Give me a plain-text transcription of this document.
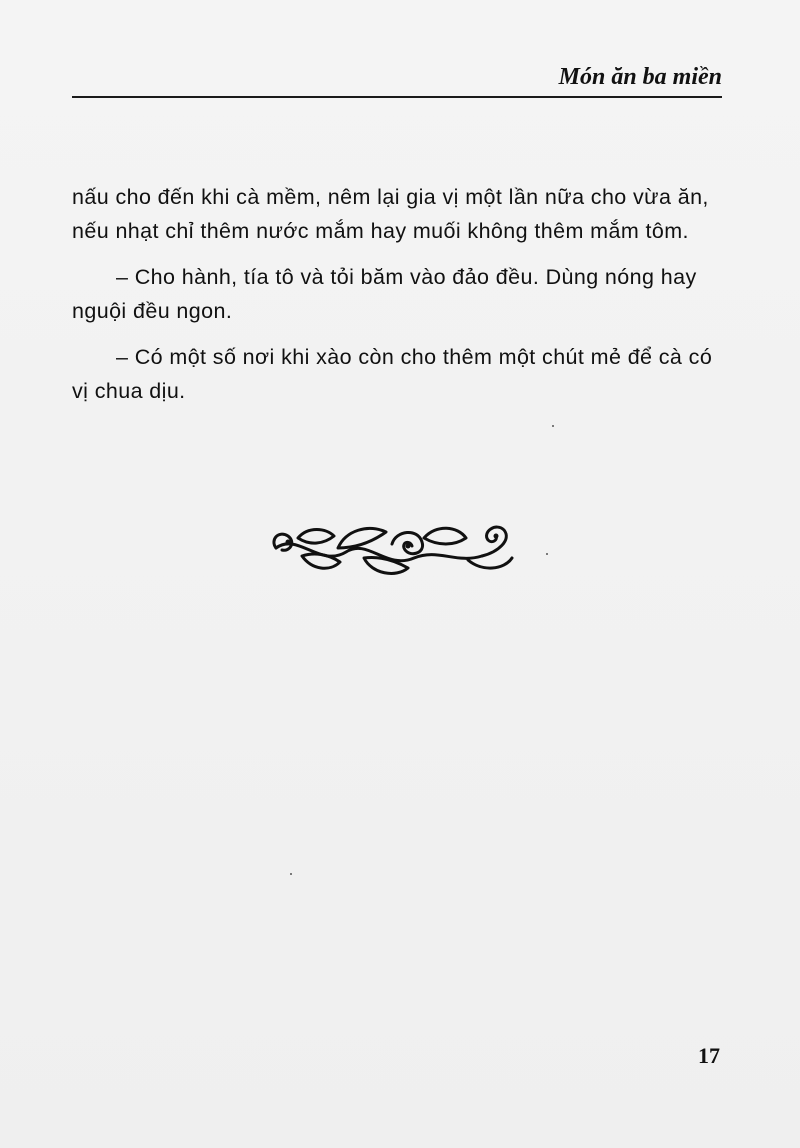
Món ăn ba miền

nấu cho đến khi cà mềm, nêm lại gia vị một lần nữa cho vừa ăn, nếu nhạt chỉ thêm nước mắm hay muối không thêm mắm tôm.

– Cho hành, tía tô và tỏi băm vào đảo đều. Dùng nóng hay nguội đều ngon.

– Có một số nơi khi xào còn cho thêm một chút mẻ để cà có vị chua dịu.

17
